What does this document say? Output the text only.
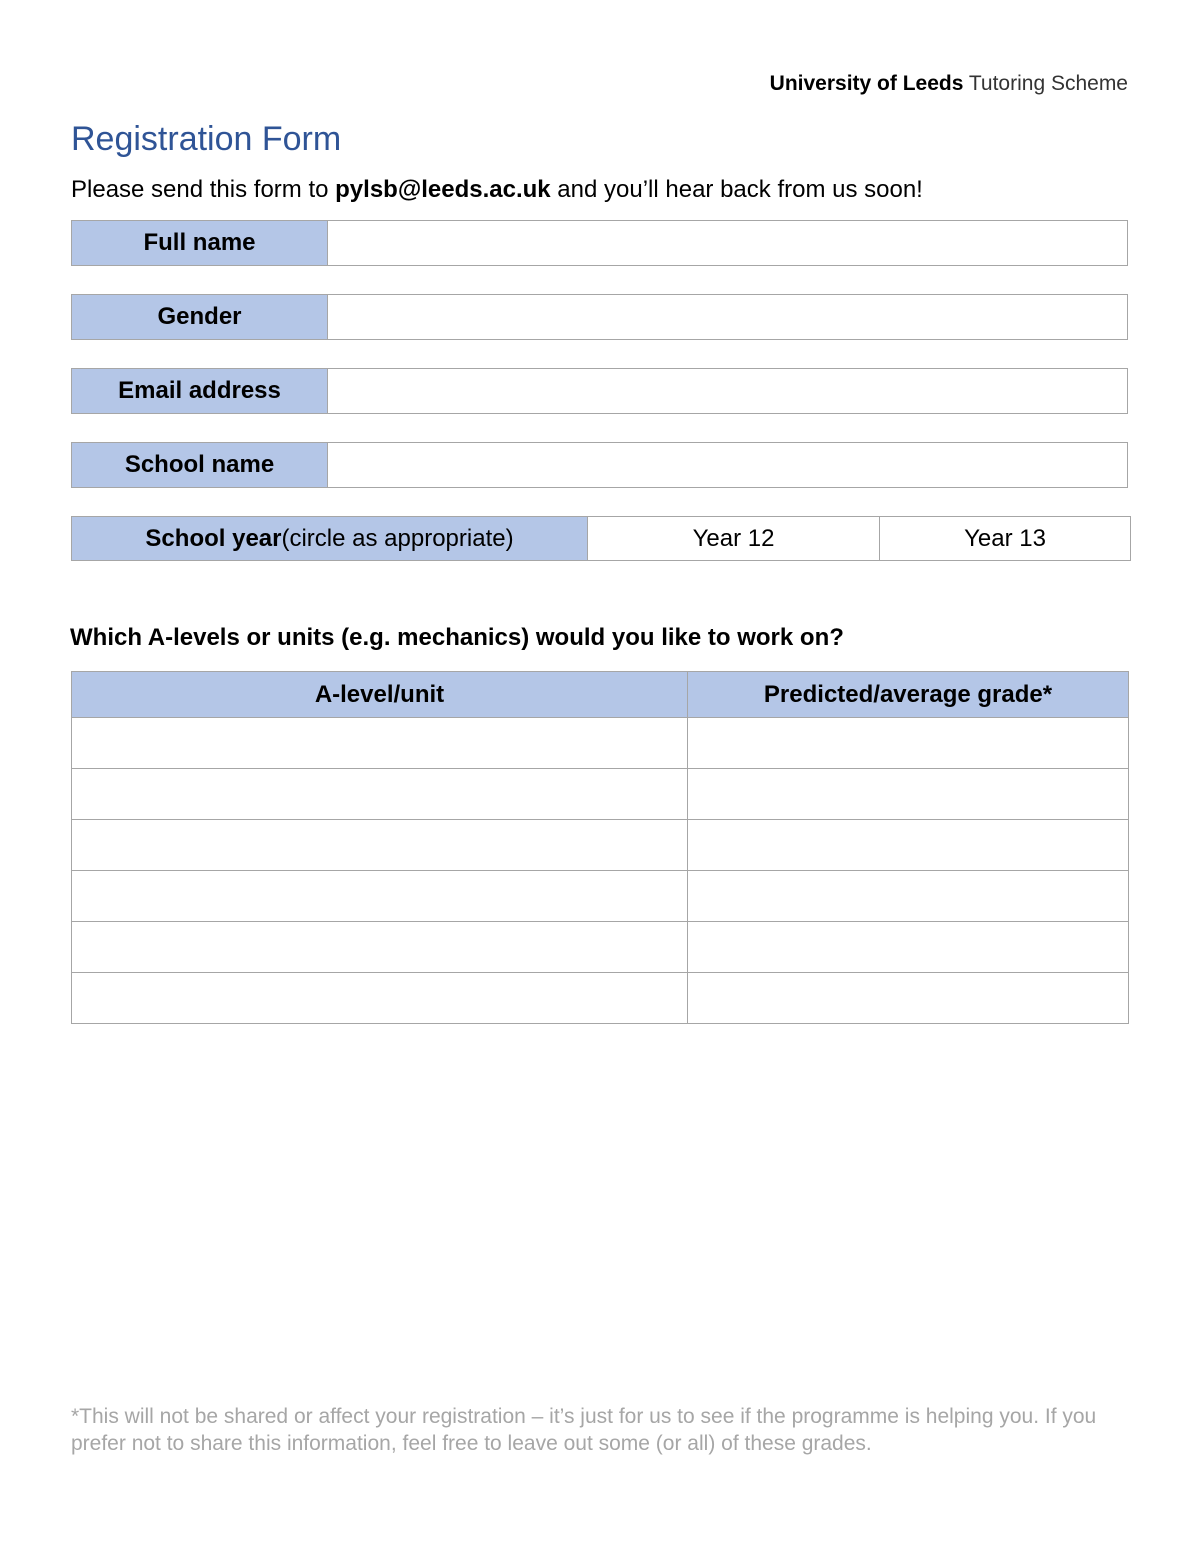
University of Leeds Tutoring Scheme
Registration Form
Please send this form to pylsb@leeds.ac.uk and you’ll hear back from us soon!
Full name
Gender
Email address
School name
School year (circle as appropriate)	Year 12	Year 13
Which A-levels or units (e.g. mechanics) would you like to work on?
A-level/unit	Predicted/average grade*

*This will not be shared or affect your registration – it’s just for us to see if the programme is helping you. If you prefer not to share this information, feel free to leave out some (or all) of these grades.
